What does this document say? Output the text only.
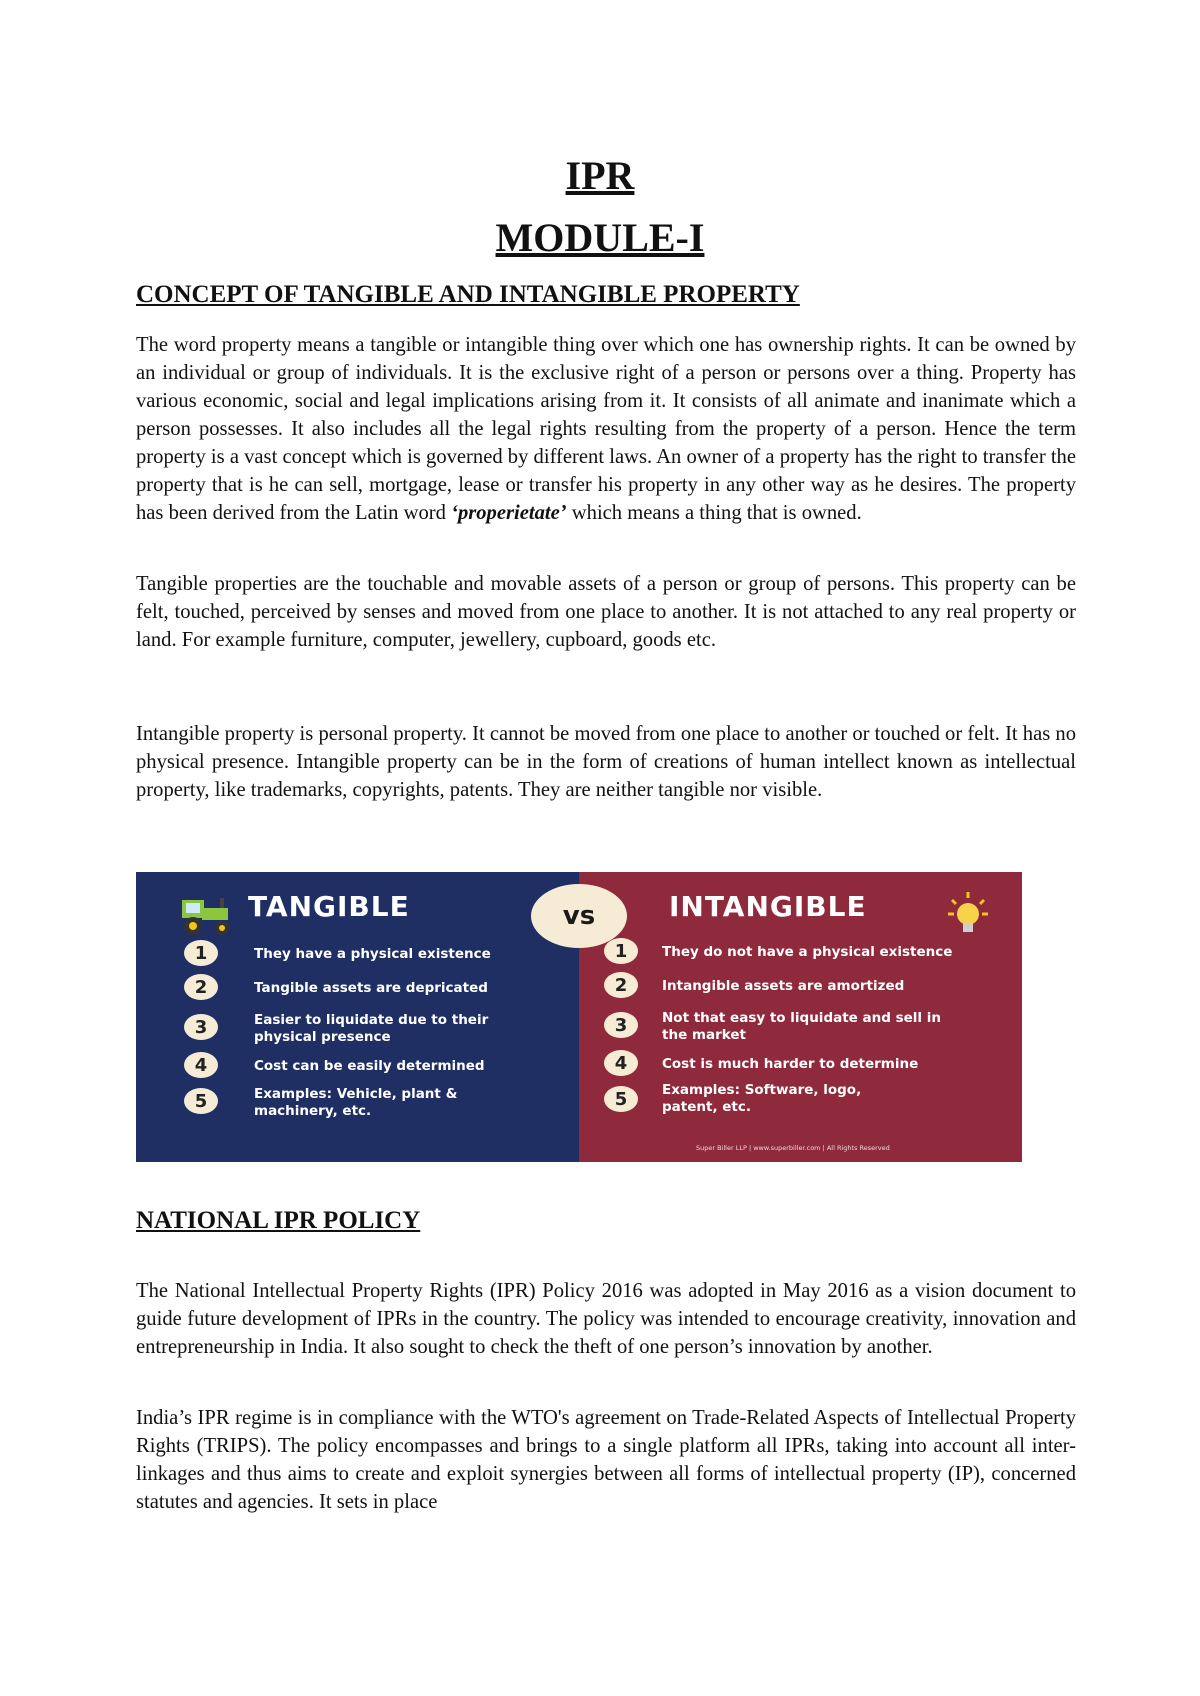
IPR
MODULE-I
CONCEPT OF TANGIBLE AND INTANGIBLE PROPERTY
The word property means a tangible or intangible thing over which one has ownership rights. It can be owned by an individual or group of individuals. It is the exclusive right of a person or persons over a thing. Property has various economic, social and legal implications arising from it. It consists of all animate and inanimate which a person possesses. It also includes all the legal rights resulting from the property of a person. Hence the term property is a vast concept which is governed by different laws. An owner of a property has the right to transfer the property that is he can sell, mortgage, lease or transfer his property in any other way as he desires. The property has been derived from the Latin word ‘properietate’ which means a thing that is owned.
Tangible properties are the touchable and movable assets of a person or group of persons. This property can be felt, touched, perceived by senses and moved from one place to another. It is not attached to any real property or land. For example furniture, computer, jewellery, cupboard, goods etc.
Intangible property is personal property. It cannot be moved from one place to another or touched or felt. It has no physical presence. Intangible property can be in the form of creations of human intellect known as intellectual property, like trademarks, copyrights, patents. They are neither tangible nor visible.
TANGIBLE	INTANGIBLE
vs
1
2
3
4
5
They have a physical existence
Tangible assets are depricated
Easier to liquidate due to their physical presence
Cost can be easily determined
Examples: Vehicle, plant & machinery, etc.
1
2
3
4
5
They do not have a physical existence
Intangible assets are amortized
Not that easy to liquidate and sell in the market
Cost is much harder to determine
Examples: Software, logo, patent, etc.
Super Biller LLP | www.superbiller.com | All Rights Reserved
NATIONAL IPR POLICY
The National Intellectual Property Rights (IPR) Policy 2016 was adopted in May 2016 as a vision document to guide future development of IPRs in the country. The policy was intended to encourage creativity, innovation and entrepreneurship in India. It also sought to check the theft of one person’s innovation by another.
India’s IPR regime is in compliance with the WTO's agreement on Trade-Related Aspects of Intellectual Property Rights (TRIPS). The policy encompasses and brings to a single platform all IPRs, taking into account all inter-linkages and thus aims to create and exploit synergies between all forms of intellectual property (IP), concerned statutes and agencies. It sets in place
